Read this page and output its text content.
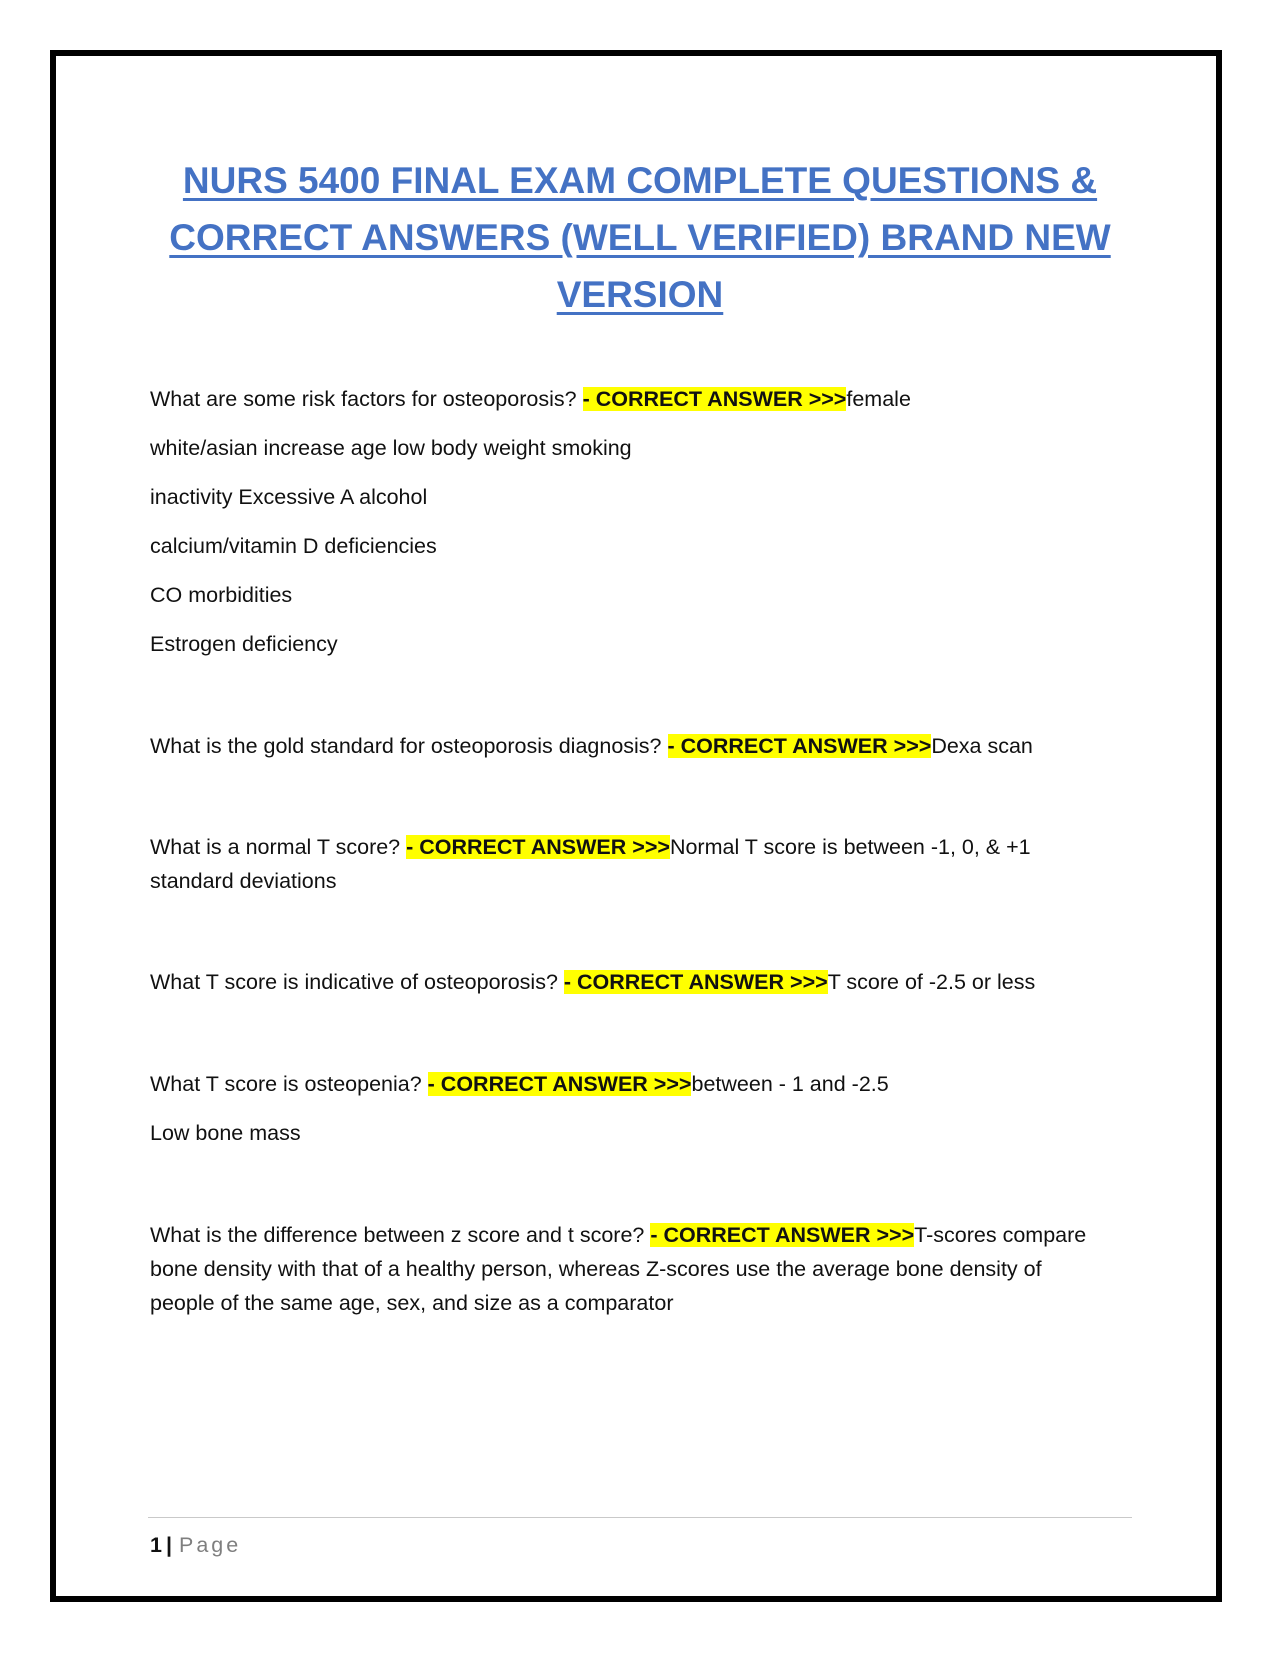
NURS 5400 FINAL EXAM COMPLETE QUESTIONS & CORRECT ANSWERS (WELL VERIFIED) BRAND NEW VERSION

What are some risk factors for osteoporosis? - CORRECT ANSWER >>>female

white/asian increase age low body weight smoking

inactivity Excessive A alcohol

calcium/vitamin D deficiencies

CO morbidities

Estrogen deficiency

What is the gold standard for osteoporosis diagnosis? - CORRECT ANSWER >>>Dexa scan

What is a normal T score? - CORRECT ANSWER >>>Normal T score is between -1, 0, & +1 standard deviations

What T score is indicative of osteoporosis? - CORRECT ANSWER >>>T score of -2.5 or less

What T score is osteopenia? - CORRECT ANSWER >>>between - 1 and -2.5

Low bone mass

What is the difference between z score and t score? - CORRECT ANSWER >>>T-scores compare bone density with that of a healthy person, whereas Z-scores use the average bone density of people of the same age, sex, and size as a comparator

1 | Page
